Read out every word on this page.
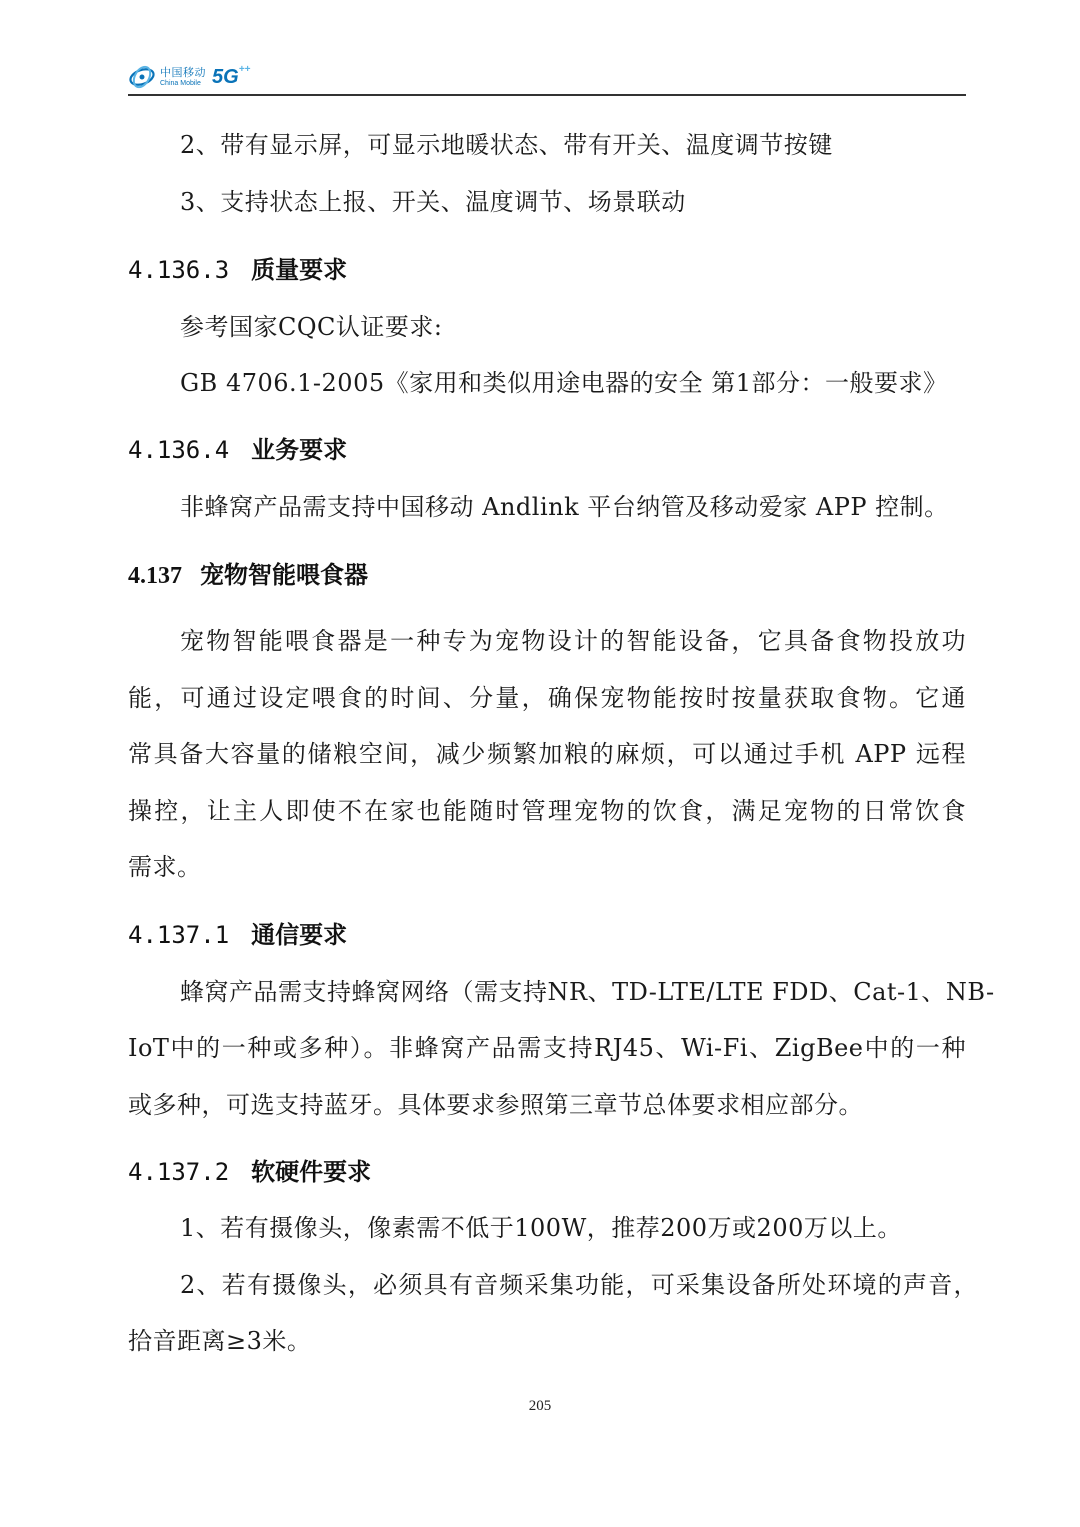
中国移动
China Mobile 5G++
2、带有显示屏，可显示地暖状态、带有开关、温度调节按键
3、支持状态上报、开关、温度调节、场景联动
4.136.3 质量要求
参考国家CQC认证要求:
GB 4706.1-2005《家用和类似用途电器的安全 第1部分：一般要求》
4.136.4 业务要求
非蜂窝产品需支持中国移动 Andlink 平台纳管及移动爱家 APP 控制。
4.137 宠物智能喂食器
宠物智能喂食器是一种专为宠物设计的智能设备，它具备食物投放功
能，可通过设定喂食的时间、分量，确保宠物能按时按量获取食物。它通
常具备大容量的储粮空间，减少频繁加粮的麻烦，可以通过手机 APP 远程
操控，让主人即使不在家也能随时管理宠物的饮食，满足宠物的日常饮食
需求。
4.137.1 通信要求
蜂窝产品需支持蜂窝网络（需支持NR、TD-LTE/LTE FDD、Cat-1、NB-
IoT中的一种或多种）。非蜂窝产品需支持RJ45、Wi-Fi、ZigBee中的一种
或多种，可选支持蓝牙。具体要求参照第三章节总体要求相应部分。
4.137.2 软硬件要求
1、若有摄像头，像素需不低于100W，推荐200万或200万以上。
2、若有摄像头，必须具有音频采集功能，可采集设备所处环境的声音，
拾音距离≥3米。
205
